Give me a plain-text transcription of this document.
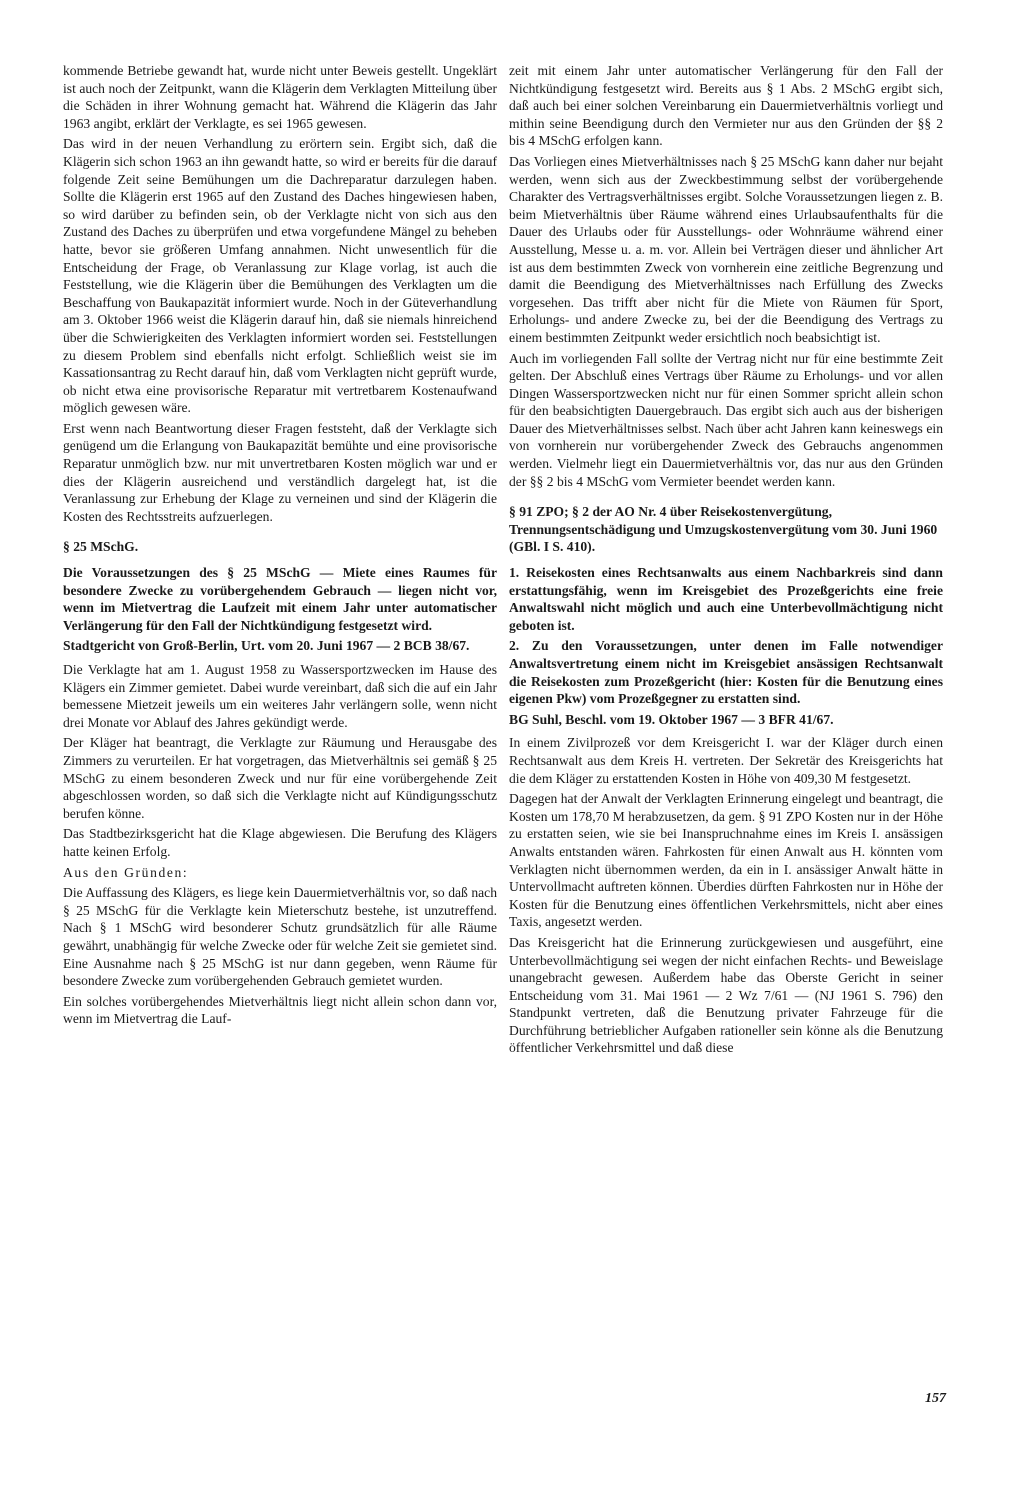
kommende Betriebe gewandt hat, wurde nicht unter Beweis gestellt. Ungeklärt ist auch noch der Zeitpunkt, wann die Klägerin dem Verklagten Mitteilung über die Schäden in ihrer Wohnung gemacht hat. Während die Klägerin das Jahr 1963 angibt, erklärt der Verklagte, es sei 1965 gewesen.

Das wird in der neuen Verhandlung zu erörtern sein. Ergibt sich, daß die Klägerin sich schon 1963 an ihn gewandt hatte, so wird er bereits für die darauf folgende Zeit seine Bemühungen um die Dachreparatur darzulegen haben. Sollte die Klägerin erst 1965 auf den Zustand des Daches hingewiesen haben, so wird darüber zu befinden sein, ob der Verklagte nicht von sich aus den Zustand des Daches zu überprüfen und etwa vorgefundene Mängel zu beheben hatte, bevor sie größeren Umfang annahmen. Nicht unwesentlich für die Entscheidung der Frage, ob Veranlassung zur Klage vorlag, ist auch die Feststellung, wie die Klägerin über die Bemühungen des Verklagten um die Beschaffung von Baukapazität informiert wurde. Noch in der Güteverhandlung am 3. Oktober 1966 weist die Klägerin darauf hin, daß sie niemals hinreichend über die Schwierigkeiten des Verklagten informiert worden sei. Feststellungen zu diesem Problem sind ebenfalls nicht erfolgt. Schließlich weist sie im Kassationsantrag zu Recht darauf hin, daß vom Verklagten nicht geprüft wurde, ob nicht etwa eine provisorische Reparatur mit vertretbarem Kostenaufwand möglich gewesen wäre.

Erst wenn nach Beantwortung dieser Fragen feststeht, daß der Verklagte sich genügend um die Erlangung von Baukapazität bemühte und eine provisorische Reparatur unmöglich bzw. nur mit unvertretbaren Kosten möglich war und er dies der Klägerin ausreichend und verständlich dargelegt hat, ist die Veranlassung zur Erhebung der Klage zu verneinen und sind der Klägerin die Kosten des Rechtsstreits aufzuerlegen.

§ 25 MSchG.

Die Voraussetzungen des § 25 MSchG — Miete eines Raumes für besondere Zwecke zu vorübergehendem Gebrauch — liegen nicht vor, wenn im Mietvertrag die Laufzeit mit einem Jahr unter automatischer Verlängerung für den Fall der Nichtkündigung festgesetzt wird.

Stadtgericht von Groß-Berlin, Urt. vom 20. Juni 1967 — 2 BCB 38/67.

Die Verklagte hat am 1. August 1958 zu Wassersportzwecken im Hause des Klägers ein Zimmer gemietet. Dabei wurde vereinbart, daß sich die auf ein Jahr bemessene Mietzeit jeweils um ein weiteres Jahr verlängern solle, wenn nicht drei Monate vor Ablauf des Jahres gekündigt werde.

Der Kläger hat beantragt, die Verklagte zur Räumung und Herausgabe des Zimmers zu verurteilen. Er hat vorgetragen, das Mietverhältnis sei gemäß § 25 MSchG zu einem besonderen Zweck und nur für eine vorübergehende Zeit abgeschlossen worden, so daß sich die Verklagte nicht auf Kündigungsschutz berufen könne.

Das Stadtbezirksgericht hat die Klage abgewiesen. Die Berufung des Klägers hatte keinen Erfolg.

Aus den Gründen:

Die Auffassung des Klägers, es liege kein Dauermietverhältnis vor, so daß nach § 25 MSchG für die Verklagte kein Mieterschutz bestehe, ist unzutreffend. Nach § 1 MSchG wird besonderer Schutz grundsätzlich für alle Räume gewährt, unabhängig für welche Zwecke oder für welche Zeit sie gemietet sind. Eine Ausnahme nach § 25 MSchG ist nur dann gegeben, wenn Räume für besondere Zwecke zum vorübergehenden Gebrauch gemietet wurden.

Ein solches vorübergehendes Mietverhältnis liegt nicht allein schon dann vor, wenn im Mietvertrag die Lauf-

zeit mit einem Jahr unter automatischer Verlängerung für den Fall der Nichtkündigung festgesetzt wird. Bereits aus § 1 Abs. 2 MSchG ergibt sich, daß auch bei einer solchen Vereinbarung ein Dauermietverhältnis vorliegt und mithin seine Beendigung durch den Vermieter nur aus den Gründen der §§ 2 bis 4 MSchG erfolgen kann.

Das Vorliegen eines Mietverhältnisses nach § 25 MSchG kann daher nur bejaht werden, wenn sich aus der Zweckbestimmung selbst der vorübergehende Charakter des Vertragsverhältnisses ergibt. Solche Voraussetzungen liegen z. B. beim Mietverhältnis über Räume während eines Urlaubsaufenthalts für die Dauer des Urlaubs oder für Ausstellungs- oder Wohnräume während einer Ausstellung, Messe u. a. m. vor. Allein bei Verträgen dieser und ähnlicher Art ist aus dem bestimmten Zweck von vornherein eine zeitliche Begrenzung und damit die Beendigung des Mietverhältnisses nach Erfüllung des Zwecks vorgesehen. Das trifft aber nicht für die Miete von Räumen für Sport, Erholungs- und andere Zwecke zu, bei der die Beendigung des Vertrags zu einem bestimmten Zeitpunkt weder ersichtlich noch beabsichtigt ist.

Auch im vorliegenden Fall sollte der Vertrag nicht nur für eine bestimmte Zeit gelten. Der Abschluß eines Vertrags über Räume zu Erholungs- und vor allen Dingen Wassersportzwecken nicht nur für einen Sommer spricht allein schon für den beabsichtigten Dauergebrauch. Das ergibt sich auch aus der bisherigen Dauer des Mietverhältnisses selbst. Nach über acht Jahren kann keineswegs ein von vornherein nur vorübergehender Zweck des Gebrauchs angenommen werden. Vielmehr liegt ein Dauermietverhältnis vor, das nur aus den Gründen der §§ 2 bis 4 MSchG vom Vermieter beendet werden kann.

§ 91 ZPO; § 2 der AO Nr. 4 über Reisekostenvergütung, Trennungsentschädigung und Umzugskostenvergütung vom 30. Juni 1960 (GBl. I S. 410).

1. Reisekosten eines Rechtsanwalts aus einem Nachbarkreis sind dann erstattungsfähig, wenn im Kreisgebiet des Prozeßgerichts eine freie Anwaltswahl nicht möglich und auch eine Unterbevollmächtigung nicht geboten ist.

2. Zu den Voraussetzungen, unter denen im Falle notwendiger Anwaltsvertretung einem nicht im Kreisgebiet ansässigen Rechtsanwalt die Reisekosten zum Prozeßgericht (hier: Kosten für die Benutzung eines eigenen Pkw) vom Prozeßgegner zu erstatten sind.

BG Suhl, Beschl. vom 19. Oktober 1967 — 3 BFR 41/67.

In einem Zivilprozeß vor dem Kreisgericht I. war der Kläger durch einen Rechtsanwalt aus dem Kreis H. vertreten. Der Sekretär des Kreisgerichts hat die dem Kläger zu erstattenden Kosten in Höhe von 409,30 M festgesetzt.

Dagegen hat der Anwalt der Verklagten Erinnerung eingelegt und beantragt, die Kosten um 178,70 M herabzusetzen, da gem. § 91 ZPO Kosten nur in der Höhe zu erstatten seien, wie sie bei Inanspruchnahme eines im Kreis I. ansässigen Anwalts entstanden wären. Fahrkosten für einen Anwalt aus H. könnten vom Verklagten nicht übernommen werden, da ein in I. ansässiger Anwalt hätte in Untervollmacht auftreten können. Überdies dürften Fahrkosten nur in Höhe der Kosten für die Benutzung eines öffentlichen Verkehrsmittels, nicht aber eines Taxis, angesetzt werden.

Das Kreisgericht hat die Erinnerung zurückgewiesen und ausgeführt, eine Unterbevollmächtigung sei wegen der nicht einfachen Rechts- und Beweislage unangebracht gewesen. Außerdem habe das Oberste Gericht in seiner Entscheidung vom 31. Mai 1961 — 2 Wz 7/61 — (NJ 1961 S. 796) den Standpunkt vertreten, daß die Benutzung privater Fahrzeuge für die Durchführung betrieblicher Aufgaben rationeller sein könne als die Benutzung öffentlicher Verkehrsmittel und daß diese

157
